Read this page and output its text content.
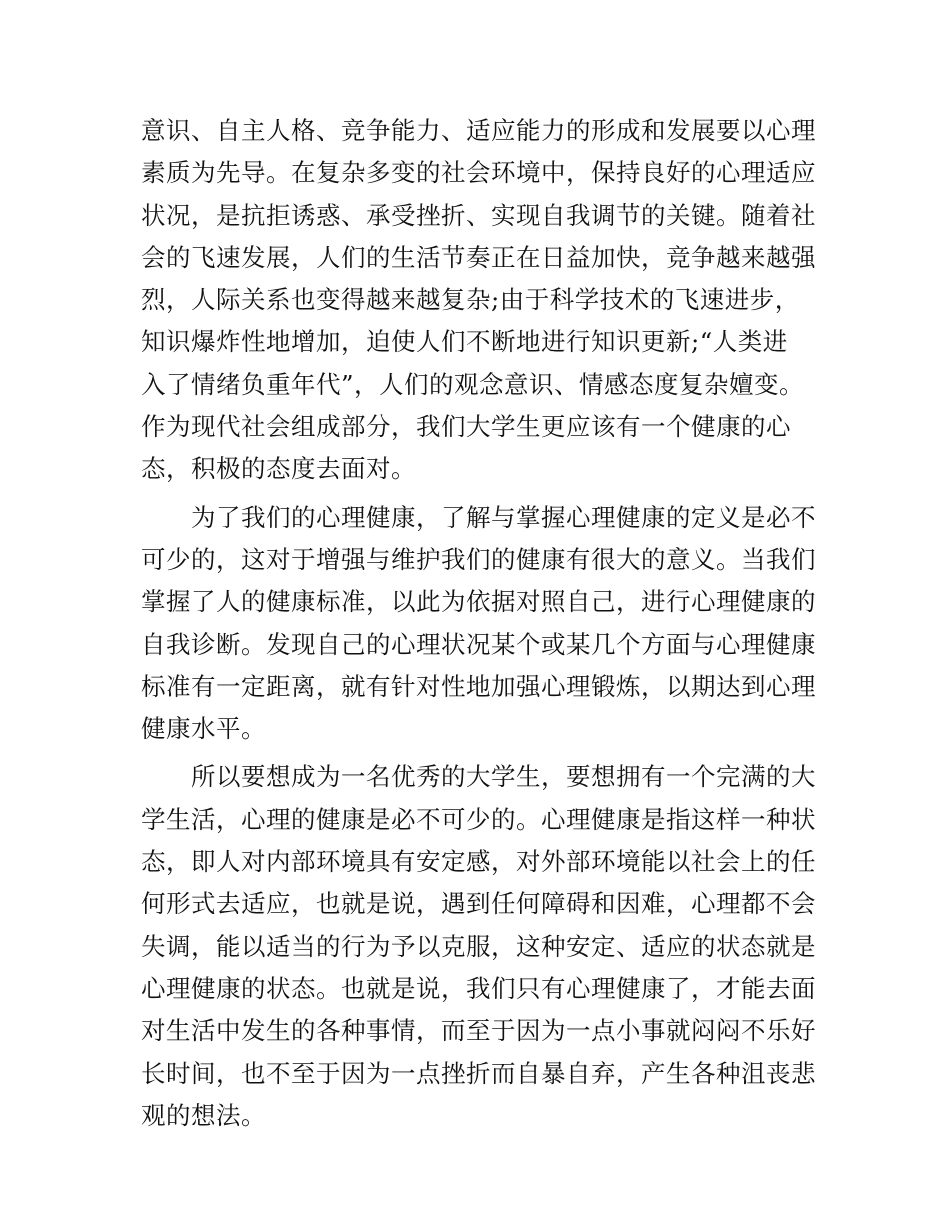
意识、自主人格、竞争能力、适应能力的形成和发展要以心理
素质为先导。在复杂多变的社会环境中，保持良好的心理适应
状况，是抗拒诱惑、承受挫折、实现自我调节的关键。随着社
会的飞速发展，人们的生活节奏正在日益加快，竞争越来越强
烈，人际关系也变得越来越复杂;由于科学技术的飞速进步，
知识爆炸性地增加，迫使人们不断地进行知识更新;“人类进
入了情绪负重年代”，人们的观念意识、情感态度复杂嬗变。
作为现代社会组成部分，我们大学生更应该有一个健康的心
态，积极的态度去面对。
　　为了我们的心理健康，了解与掌握心理健康的定义是必不
可少的，这对于增强与维护我们的健康有很大的意义。当我们
掌握了人的健康标准，以此为依据对照自己，进行心理健康的
自我诊断。发现自己的心理状况某个或某几个方面与心理健康
标准有一定距离，就有针对性地加强心理锻炼，以期达到心理
健康水平。
　　所以要想成为一名优秀的大学生，要想拥有一个完满的大
学生活，心理的健康是必不可少的。心理健康是指这样一种状
态，即人对内部环境具有安定感，对外部环境能以社会上的任
何形式去适应，也就是说，遇到任何障碍和因难，心理都不会
失调，能以适当的行为予以克服，这种安定、适应的状态就是
心理健康的状态。也就是说，我们只有心理健康了，才能去面
对生活中发生的各种事情，而至于因为一点小事就闷闷不乐好
长时间，也不至于因为一点挫折而自暴自弃，产生各种沮丧悲
观的想法。
